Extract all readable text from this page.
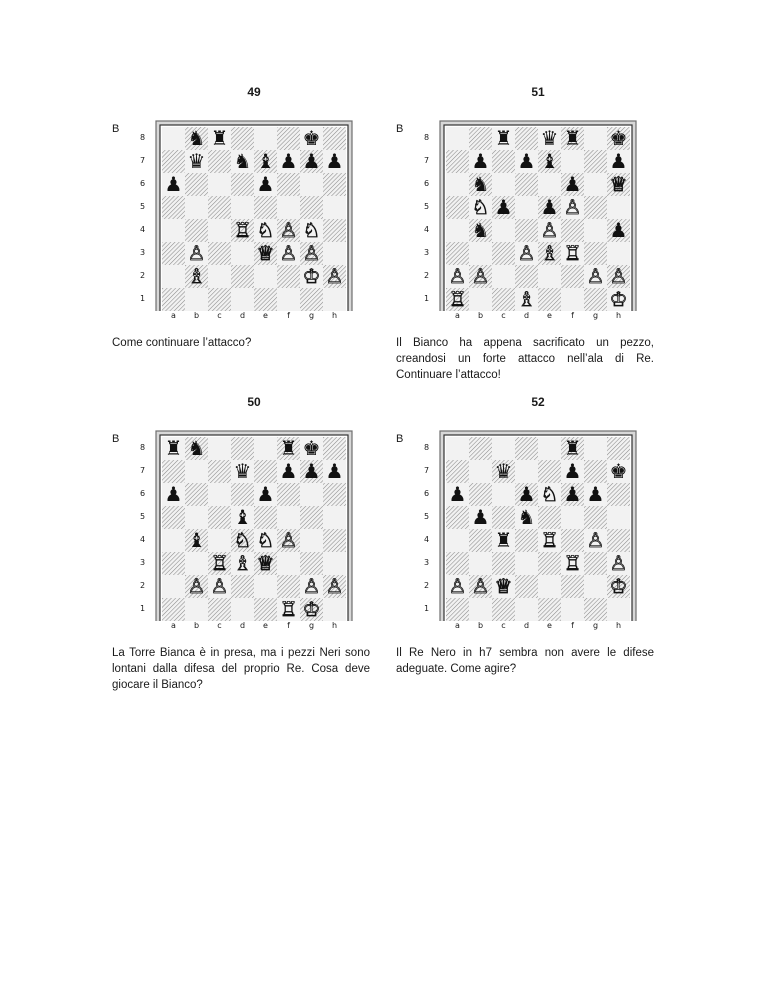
49
B
8
7
6
5
4
3
2
1
a	b	c	d	e	f	g	h
♞ ♜	♚
♛ ♞ ♝ ♟ ♟ ♟
♟	♟
♖ ♘ ♙ ♘
♙	♕ ♙ ♙
♗	♔ ♙

Come continuare l’attacco?

51
B
8
7
6
5
4
3
2
1
a	b	c	d	e	f	g	h
♜ ♛ ♜ ♚
♟ ♟ ♝	♟
♞	♟ ♕
♘ ♟ ♟ ♙
♞	♙	♟
♙ ♗ ♖
♙ ♙	♙ ♙
♖	♗	♔

Il Bianco ha appena sacrificato un pezzo, creandosi un forte attacco nell’ala di Re. Continuare l’attacco!

50
B
8
7
6
5
4
3
2
1
a	b	c	d	e	f	g	h
♜ ♞	♜ ♚
♛ ♟ ♟ ♟
♟	♟
♝
♝ ♘ ♘ ♙
♖ ♗ ♕
♙ ♙	♙ ♙
♖ ♔

La Torre Bianca è in presa, ma i pezzi Neri sono lontani dalla difesa del proprio Re. Cosa deve giocare il Bianco?

52
B
8
7
6
5
4
3
2
1
a	b	c	d	e	f	g	h
♜
♛	♟ ♚
♟	♟ ♘ ♟ ♟
♟ ♞
♜ ♖ ♙
♖ ♙
♙ ♙ ♕	♔

Il Re Nero in h7 sembra non avere le difese adeguate. Come agire?
